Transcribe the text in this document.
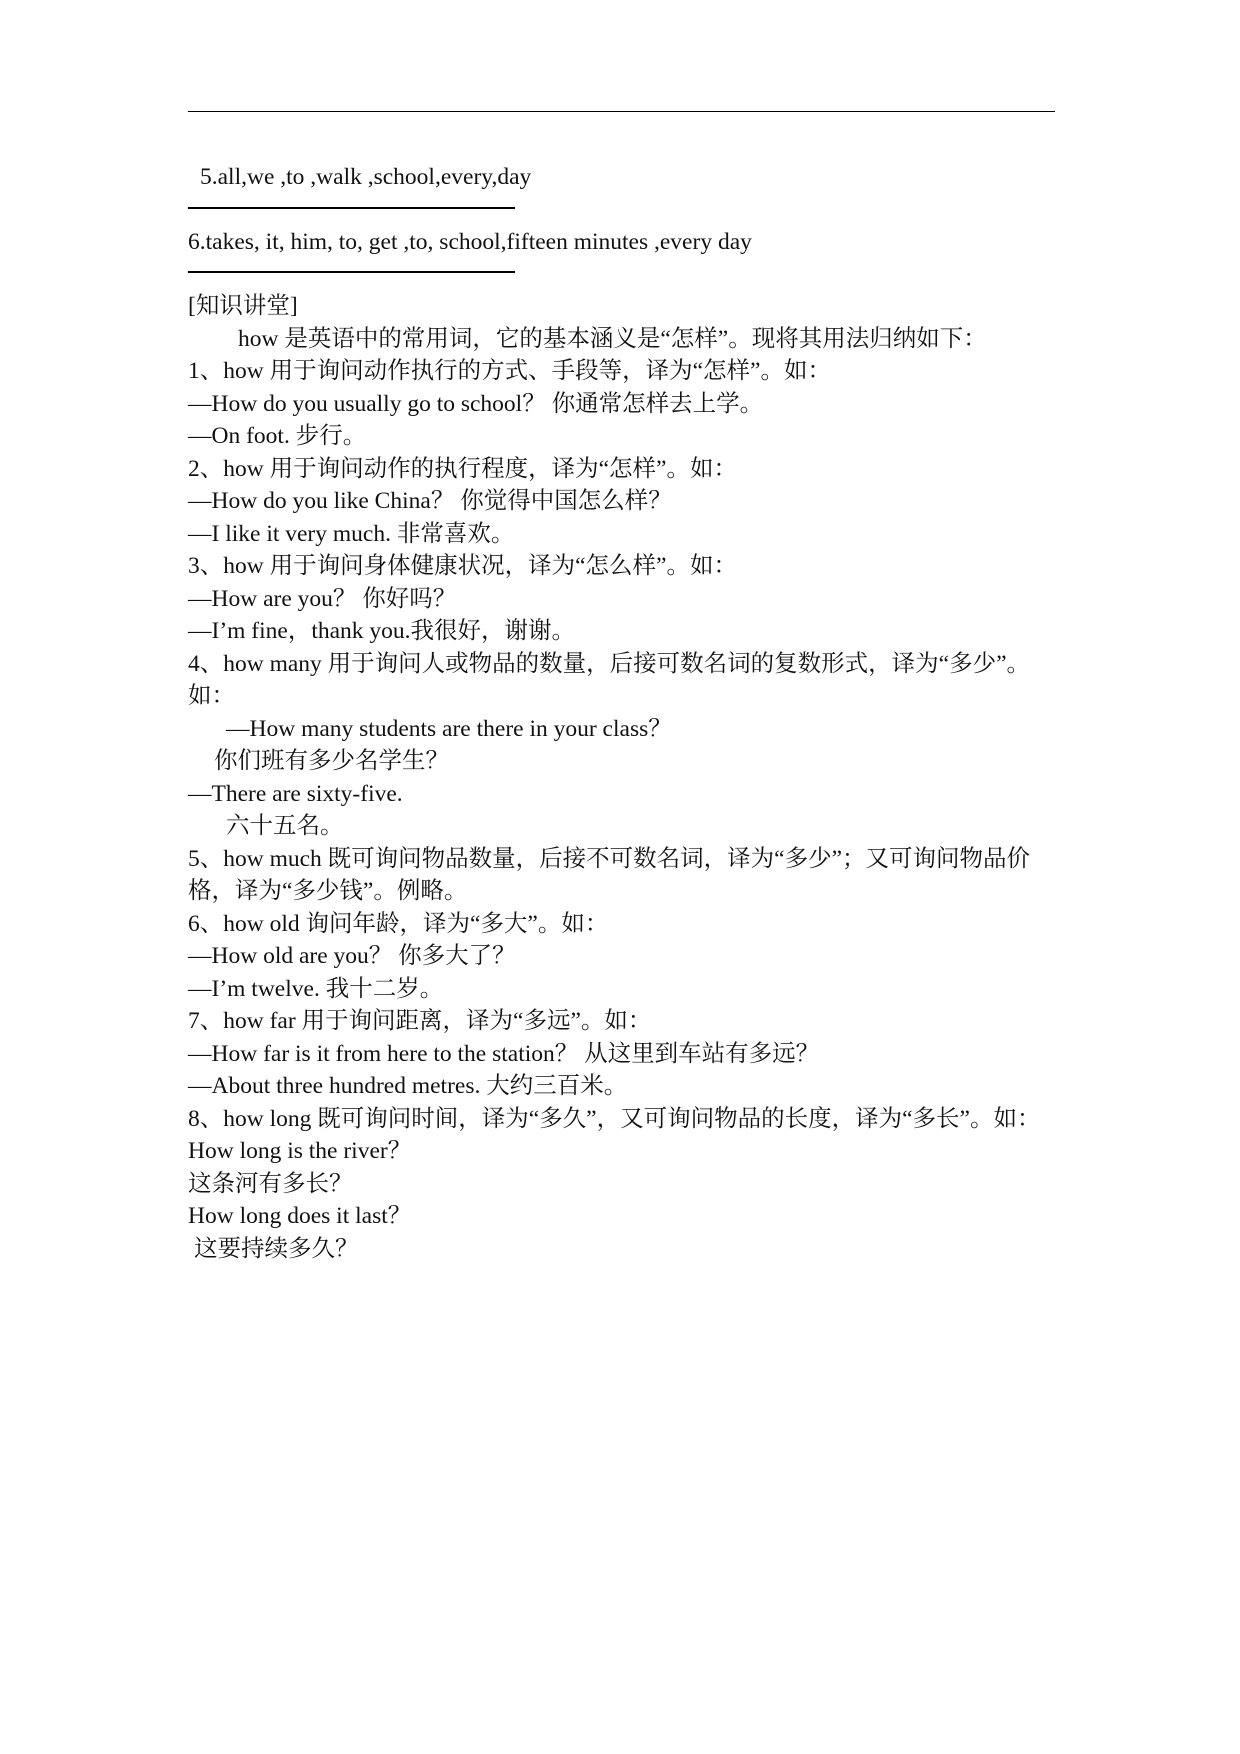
5.all,we ,to ,walk ,school,every,day
6.takes, it, him, to, get ,to, school,fifteen minutes ,every day
[知识讲堂]
how 是英语中的常用词，它的基本涵义是“怎样”。现将其用法归纳如下：
1、how 用于询问动作执行的方式、手段等，译为“怎样”。如：
—How do you usually go to school？ 你通常怎样去上学。
—On foot. 步行。
2、how 用于询问动作的执行程度，译为“怎样”。如：
—How do you like China？ 你觉得中国怎么样？
—I like it very much. 非常喜欢。
3、how 用于询问身体健康状况，译为“怎么样”。如：
—How are you？ 你好吗？
—I’m fine，thank you.我很好，谢谢。
4、how many 用于询问人或物品的数量，后接可数名词的复数形式，译为“多少”。如：
—How many students are there in your class？
你们班有多少名学生？
—There are sixty-five.
六十五名。
5、how much 既可询问物品数量，后接不可数名词，译为“多少”；又可询问物品价格，译为“多少钱”。例略。
6、how old 询问年龄，译为“多大”。如：
—How old are you？ 你多大了？
—I’m twelve. 我十二岁。
7、how far 用于询问距离，译为“多远”。如：
—How far is it from here to the station？ 从这里到车站有多远？
—About three hundred metres. 大约三百米。
8、how long 既可询问时间，译为“多久”，又可询问物品的长度，译为“多长”。如：How long is the river？
这条河有多长？
How long does it last？
这要持续多久？
